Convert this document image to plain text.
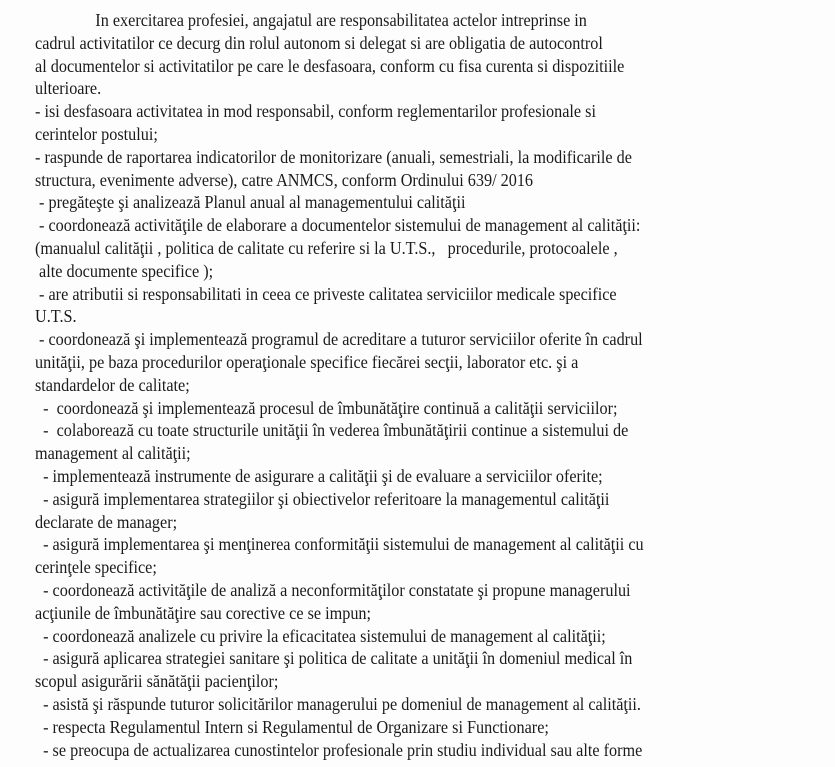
In exercitarea profesiei, angajatul are responsabilitatea actelor intreprinse in
cadrul activitatilor ce decurg din rolul autonom si delegat si are obligatia de autocontrol
al documentelor si activitatilor pe care le desfasoara, conform cu fisa curenta si dispozitiile
ulterioare.
- isi desfasoara activitatea in mod responsabil, conform reglementarilor profesionale si
cerintelor postului;
- raspunde de raportarea indicatorilor de monitorizare (anuali, semestriali, la modificarile de
structura, evenimente adverse), catre ANMCS, conform Ordinului 639/ 2016
- pregăteşte şi analizează Planul anual al managementului calităţii
- coordonează activităţile de elaborare a documentelor sistemului de management al calităţii:
(manualul calităţii , politica de calitate cu referire si la U.T.S.,   procedurile, protocoalele ,
alte documente specifice );
- are atributii si responsabilitati in ceea ce priveste calitatea serviciilor medicale specifice
U.T.S.
- coordonează şi implementează programul de acreditare a tuturor serviciilor oferite în cadrul
unităţii, pe baza procedurilor operaţionale specifice fiecărei secţii, laborator etc. şi a
standardelor de calitate;
-  coordonează şi implementează procesul de îmbunătăţire continuă a calităţii serviciilor;
-  colaborează cu toate structurile unităţii în vederea îmbunătăţirii continue a sistemului de
management al calităţii;
- implementează instrumente de asigurare a calităţii şi de evaluare a serviciilor oferite;
- asigură implementarea strategiilor şi obiectivelor referitoare la managementul calităţii
declarate de manager;
- asigură implementarea şi menţinerea conformităţii sistemului de management al calităţii cu
cerinţele specifice;
- coordonează activităţile de analiză a neconformităţilor constatate şi propune managerului
acţiunile de îmbunătăţire sau corective ce se impun;
- coordonează analizele cu privire la eficacitatea sistemului de management al calităţii;
- asigură aplicarea strategiei sanitare şi politica de calitate a unităţii în domeniul medical în
scopul asigurării sănătăţii pacienţilor;
- asistă şi răspunde tuturor solicitărilor managerului pe domeniul de management al calităţii.
- respecta Regulamentul Intern si Regulamentul de Organizare si Functionare;
- se preocupa de actualizarea cunostintelor profesionale prin studiu individual sau alte forme
